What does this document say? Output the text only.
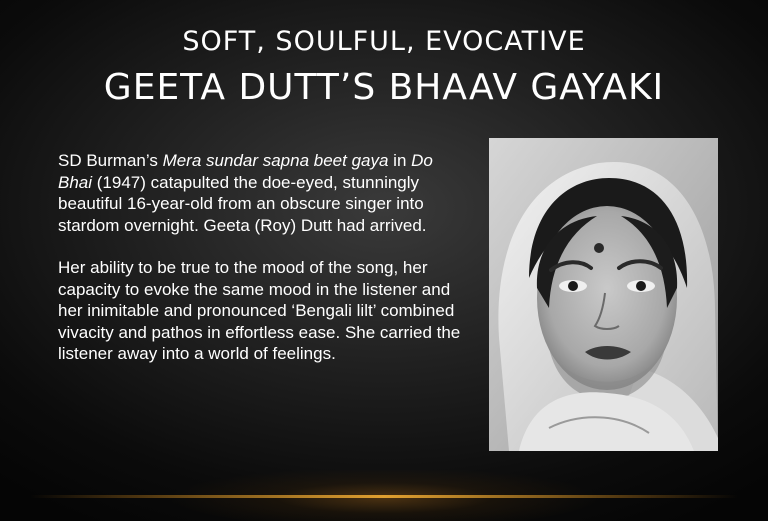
SOFT, SOULFUL, EVOCATIVE
GEETA DUTT’S BHAAV GAYAKI

SD Burman’s Mera sundar sapna beet gaya in Do Bhai (1947) catapulted the doe-eyed, stunningly beautiful 16-year-old from an obscure singer into stardom overnight. Geeta (Roy) Dutt had arrived.

Her ability to be true to the mood of the song, her capacity to evoke the same mood in the listener and her inimitable and pronounced ‘Bengali lilt’ combined vivacity and pathos in effortless ease. She carried the listener away into a world of feelings.
